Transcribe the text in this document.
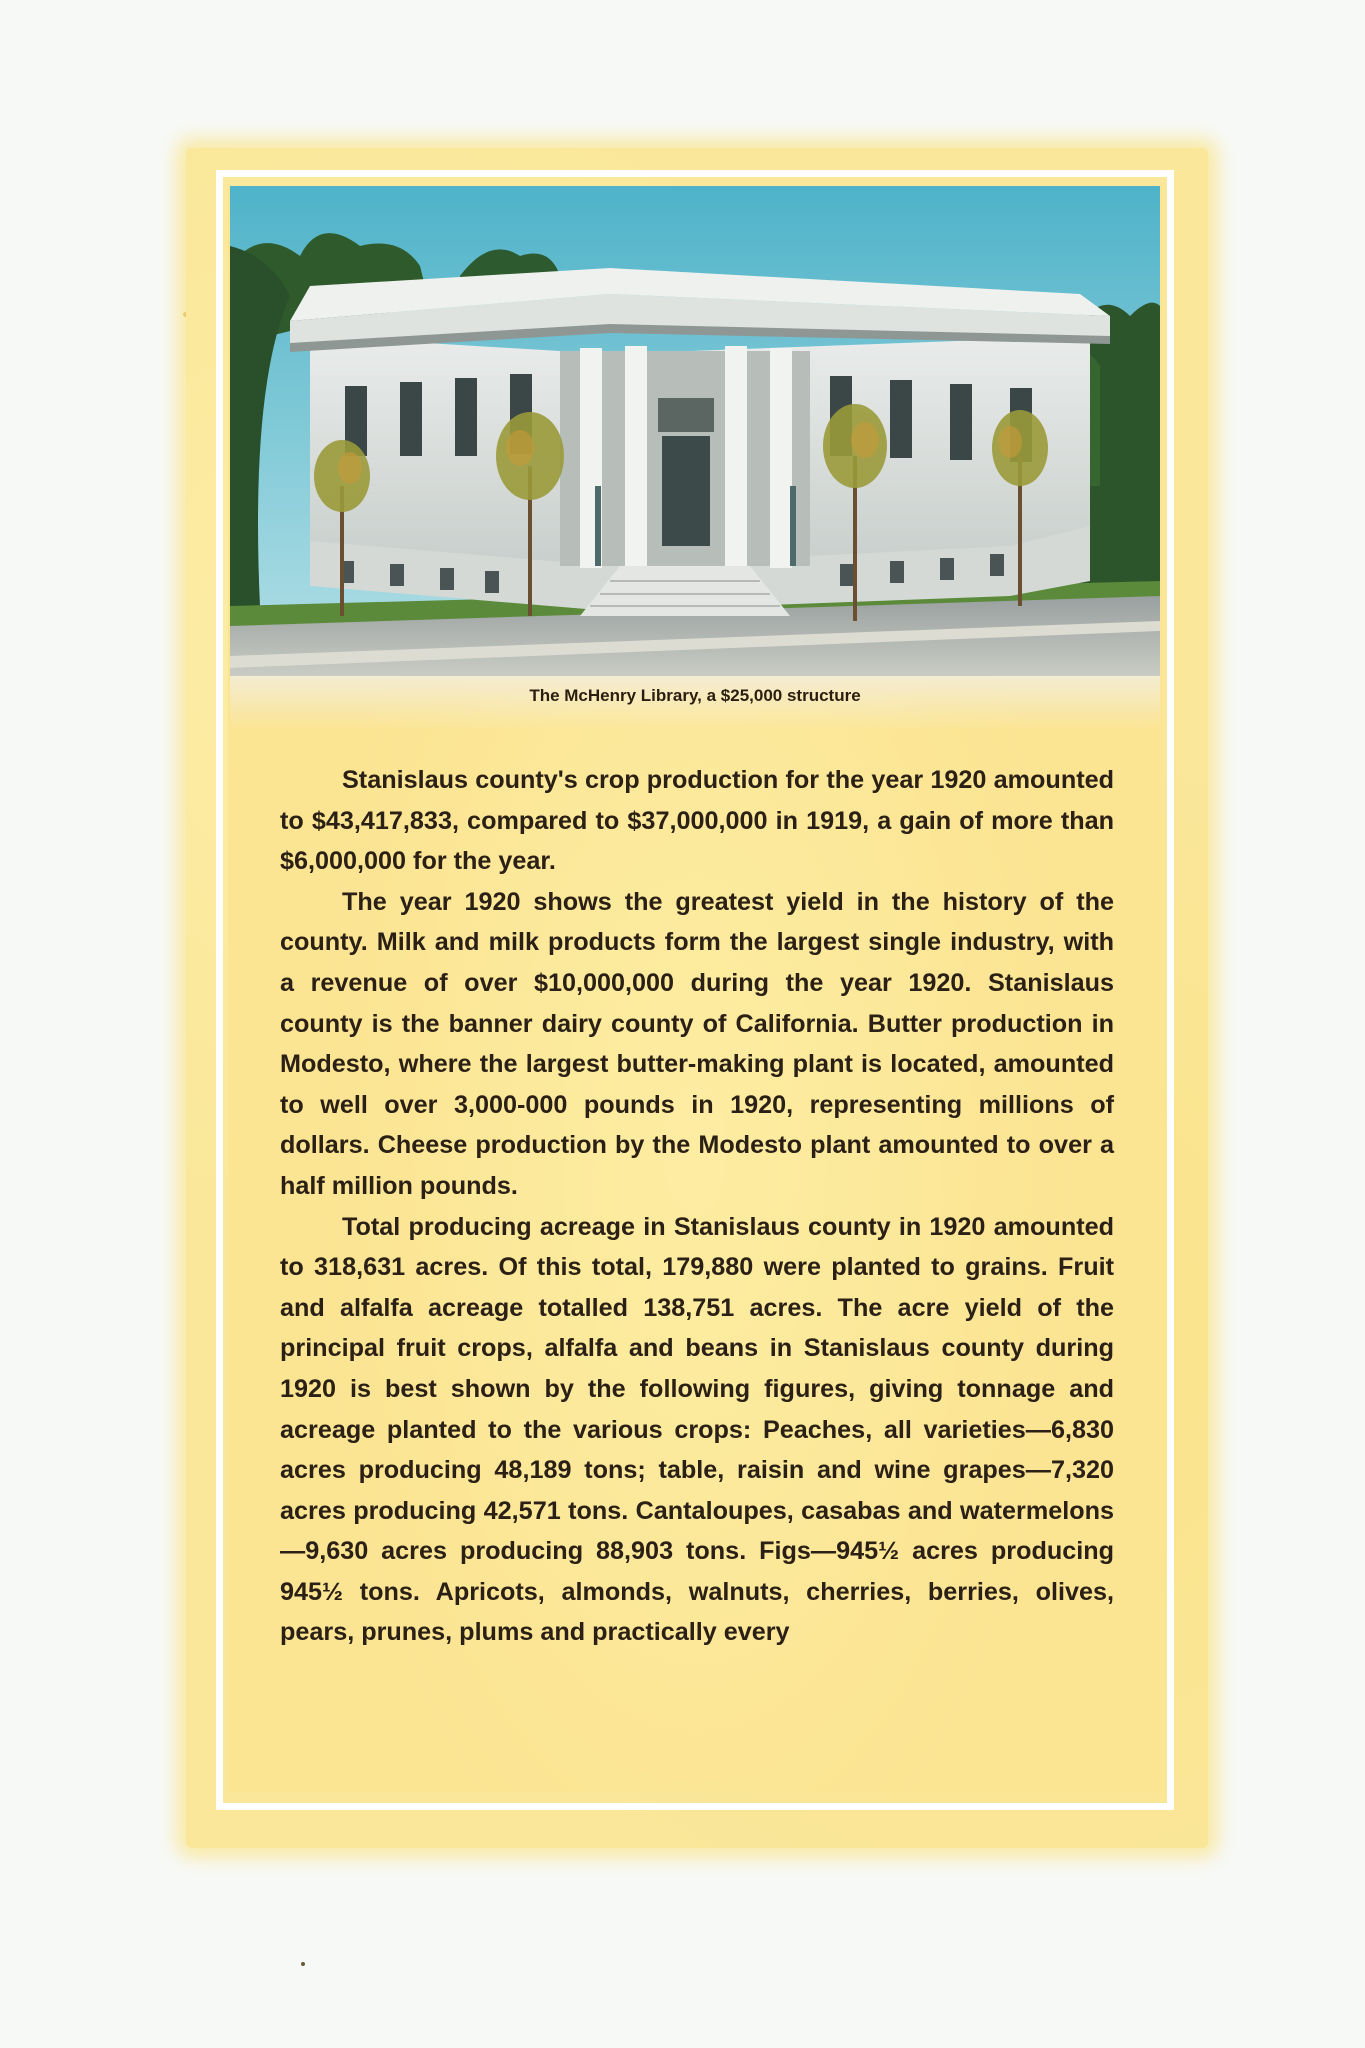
The McHenry Library, a $25,000 structure

Stanislaus county's crop production for the year 1920 amounted to $43,417,833, compared to $37,000,000 in 1919, a gain of more than $6,000,000 for the year.

The year 1920 shows the greatest yield in the history of the county. Milk and milk products form the largest single industry, with a revenue of over $10,000,000 during the year 1920. Stanislaus county is the banner dairy county of California. Butter production in Modesto, where the largest butter-making plant is located, amounted to well over 3,000-000 pounds in 1920, representing millions of dollars. Cheese production by the Modesto plant amounted to over a half million pounds.

Total producing acreage in Stanislaus county in 1920 amounted to 318,631 acres. Of this total, 179,880 were planted to grains. Fruit and alfalfa acreage totalled 138,751 acres. The acre yield of the principal fruit crops, alfalfa and beans in Stanislaus county during 1920 is best shown by the following figures, giving tonnage and acreage planted to the various crops: Peaches, all varieties—6,830 acres producing 48,189 tons; table, raisin and wine grapes—7,320 acres producing 42,571 tons. Cantaloupes, casabas and watermelons —9,630 acres producing 88,903 tons. Figs—945½ acres producing 945½ tons. Apricots, almonds, walnuts, cherries, berries, olives, pears, prunes, plums and practically every
